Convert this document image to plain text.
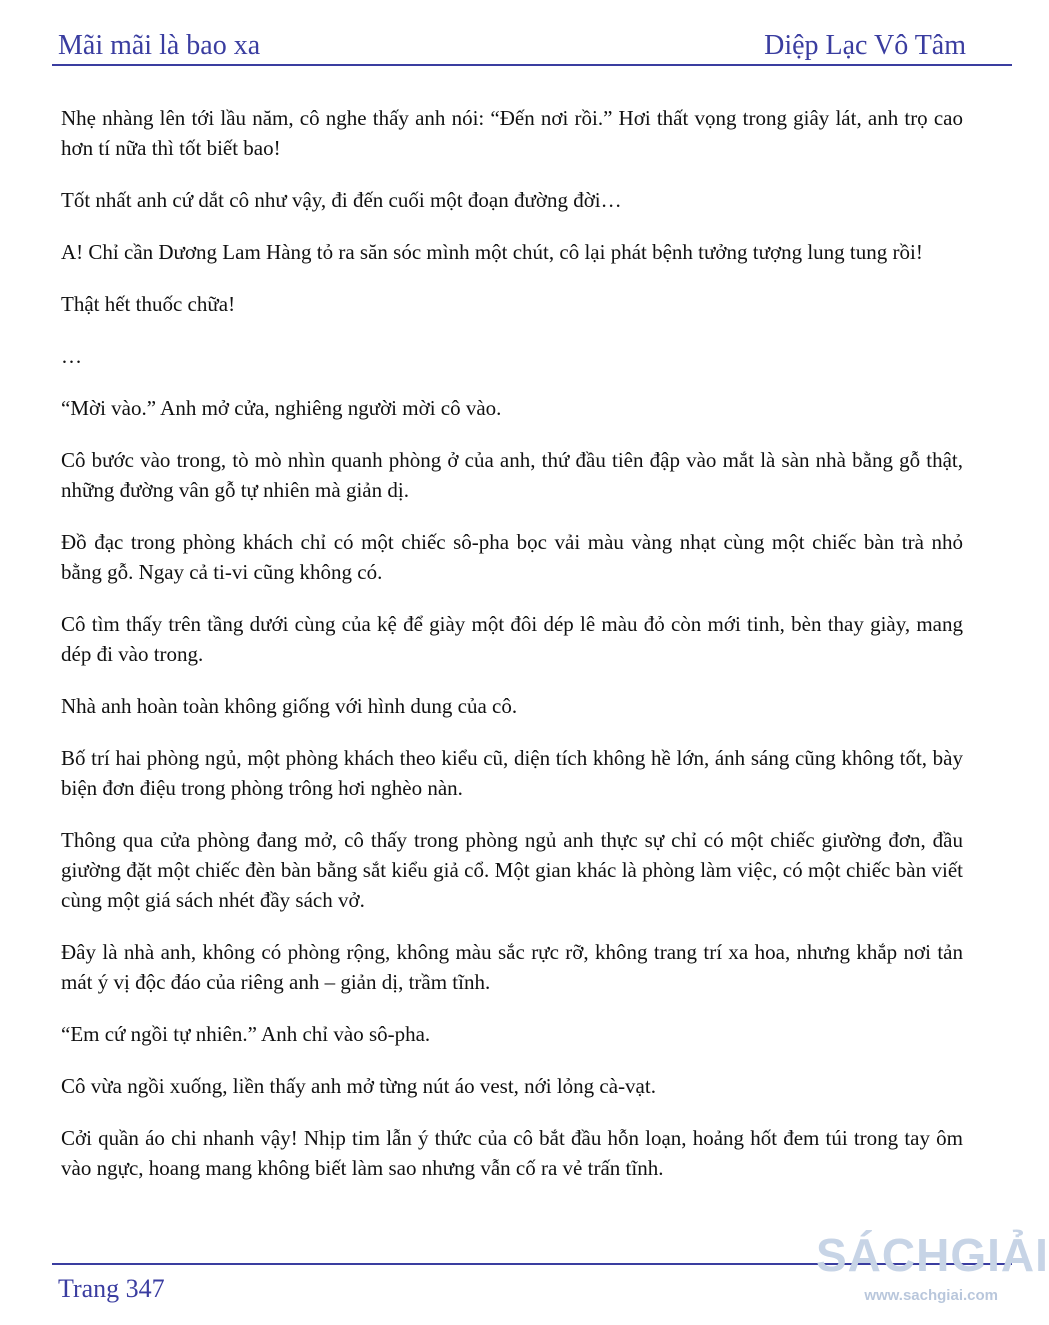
Mãi mãi là bao xa	Diệp Lạc Vô Tâm

Nhẹ nhàng lên tới lầu năm, cô nghe thấy anh nói: “Đến nơi rồi.” Hơi thất vọng trong giây lát, anh trọ cao hơn tí nữa thì tốt biết bao!

Tốt nhất anh cứ dắt cô như vậy, đi đến cuối một đoạn đường đời…

A! Chỉ cần Dương Lam Hàng tỏ ra săn sóc mình một chút, cô lại phát bệnh tưởng tượng lung tung rồi!

Thật hết thuốc chữa!

…

“Mời vào.” Anh mở cửa, nghiêng người mời cô vào.

Cô bước vào trong, tò mò nhìn quanh phòng ở của anh, thứ đầu tiên đập vào mắt là sàn nhà bằng gỗ thật, những đường vân gỗ tự nhiên mà giản dị.

Đồ đạc trong phòng khách chỉ có một chiếc sô-pha bọc vải màu vàng nhạt cùng một chiếc bàn trà nhỏ bằng gỗ. Ngay cả ti-vi cũng không có.

Cô tìm thấy trên tầng dưới cùng của kệ để giày một đôi dép lê màu đỏ còn mới tinh, bèn thay giày, mang dép đi vào trong.

Nhà anh hoàn toàn không giống với hình dung của cô.

Bố trí hai phòng ngủ, một phòng khách theo kiểu cũ, diện tích không hề lớn, ánh sáng cũng không tốt, bày biện đơn điệu trong phòng trông hơi nghèo nàn.

Thông qua cửa phòng đang mở, cô thấy trong phòng ngủ anh thực sự chỉ có một chiếc giường đơn, đầu giường đặt một chiếc đèn bàn bằng sắt kiểu giả cổ. Một gian khác là phòng làm việc, có một chiếc bàn viết cùng một giá sách nhét đầy sách vở.

Đây là nhà anh, không có phòng rộng, không màu sắc rực rỡ, không trang trí xa hoa, nhưng khắp nơi tản mát ý vị độc đáo của riêng anh – giản dị, trầm tĩnh.

“Em cứ ngồi tự nhiên.” Anh chỉ vào sô-pha.

Cô vừa ngồi xuống, liền thấy anh mở từng nút áo vest, nới lỏng cà-vạt.

Cởi quần áo chi nhanh vậy! Nhịp tim lẫn ý thức của cô bắt đầu hỗn loạn, hoảng hốt đem túi trong tay ôm vào ngực, hoang mang không biết làm sao nhưng vẫn cố ra vẻ trấn tĩnh.

Trang 347
SÁCHGIẢI
www.sachgiai.com
